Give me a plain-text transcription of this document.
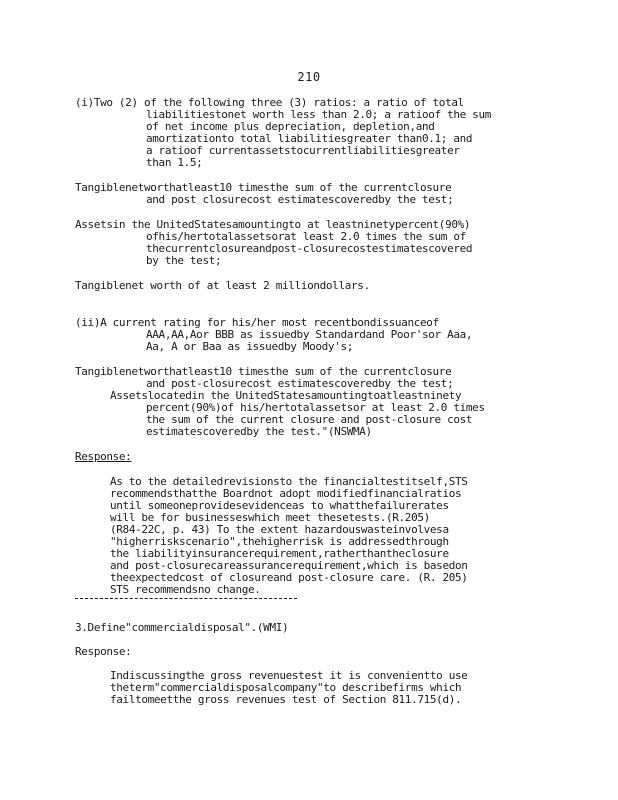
210
(i)Two (2) of the following three (3) ratios: a ratio of total
liabilitiestonet worth less than 2.0; a ratioof the sum
of net income plus depreciation, depletion,and
amortizationto total liabilitiesgreater than0.1; and
a ratioof currentassetstocurrentliabilitiesgreater
than 1.5;
Tangiblenetworthatleast10 timesthe sum of the currentclosure
and post closurecost estimatescoveredby the test;
Assetsin the UnitedStatesamountingto at leastninetypercent(90%)
ofhis/hertotalassetsorat least 2.0 times the sum of
thecurrentclosureandpost-closurecostestimatescovered
by the test;
Tangiblenet worth of at least 2 milliondollars.
(ii)A current rating for his/her most recentbondissuanceof
AAA,AA,Aor BBB as issuedby Standardand Poor'sor Aaa,
Aa, A or Baa as issuedby Moody's;
Tangiblenetworthatleast10 timesthe sum of the currentclosure
and post-closurecost estimatescoveredby the test;
Assetslocatedin the UnitedStatesamountingtoatleastninety
percent(90%)of his/hertotalassetsor at least 2.0 times
the sum of the current closure and post-closure cost
estimatescoveredby the test."(NSWMA)
Response:
As to the detailedrevisionsto the financialtestitself,STS
recommendsthatthe Boardnot adopt modifiedfinancialratios
until someoneprovidesevidenceas to whatthefailurerates
will be for businesseswhich meet thesetests.(R.205)
(R84-22C, p. 43) To the extent hazardouswasteinvolvesa
"higherriskscenario",thehigherrisk is addressedthrough
the liabilityinsurancerequirement,ratherthantheclosure
and post-closurecareassurancerequirement,which is basedon
theexpectedcost of closureand post-closure care. (R. 205)
STS recommendsno change.
3.Define"commercialdisposal".(WMI)
Response:
Indiscussingthe gross revenuestest it is convenientto use
theterm"commercialdisposalcompany"to describefirms which
failtomeetthe gross revenues test of Section 811.715(d).
